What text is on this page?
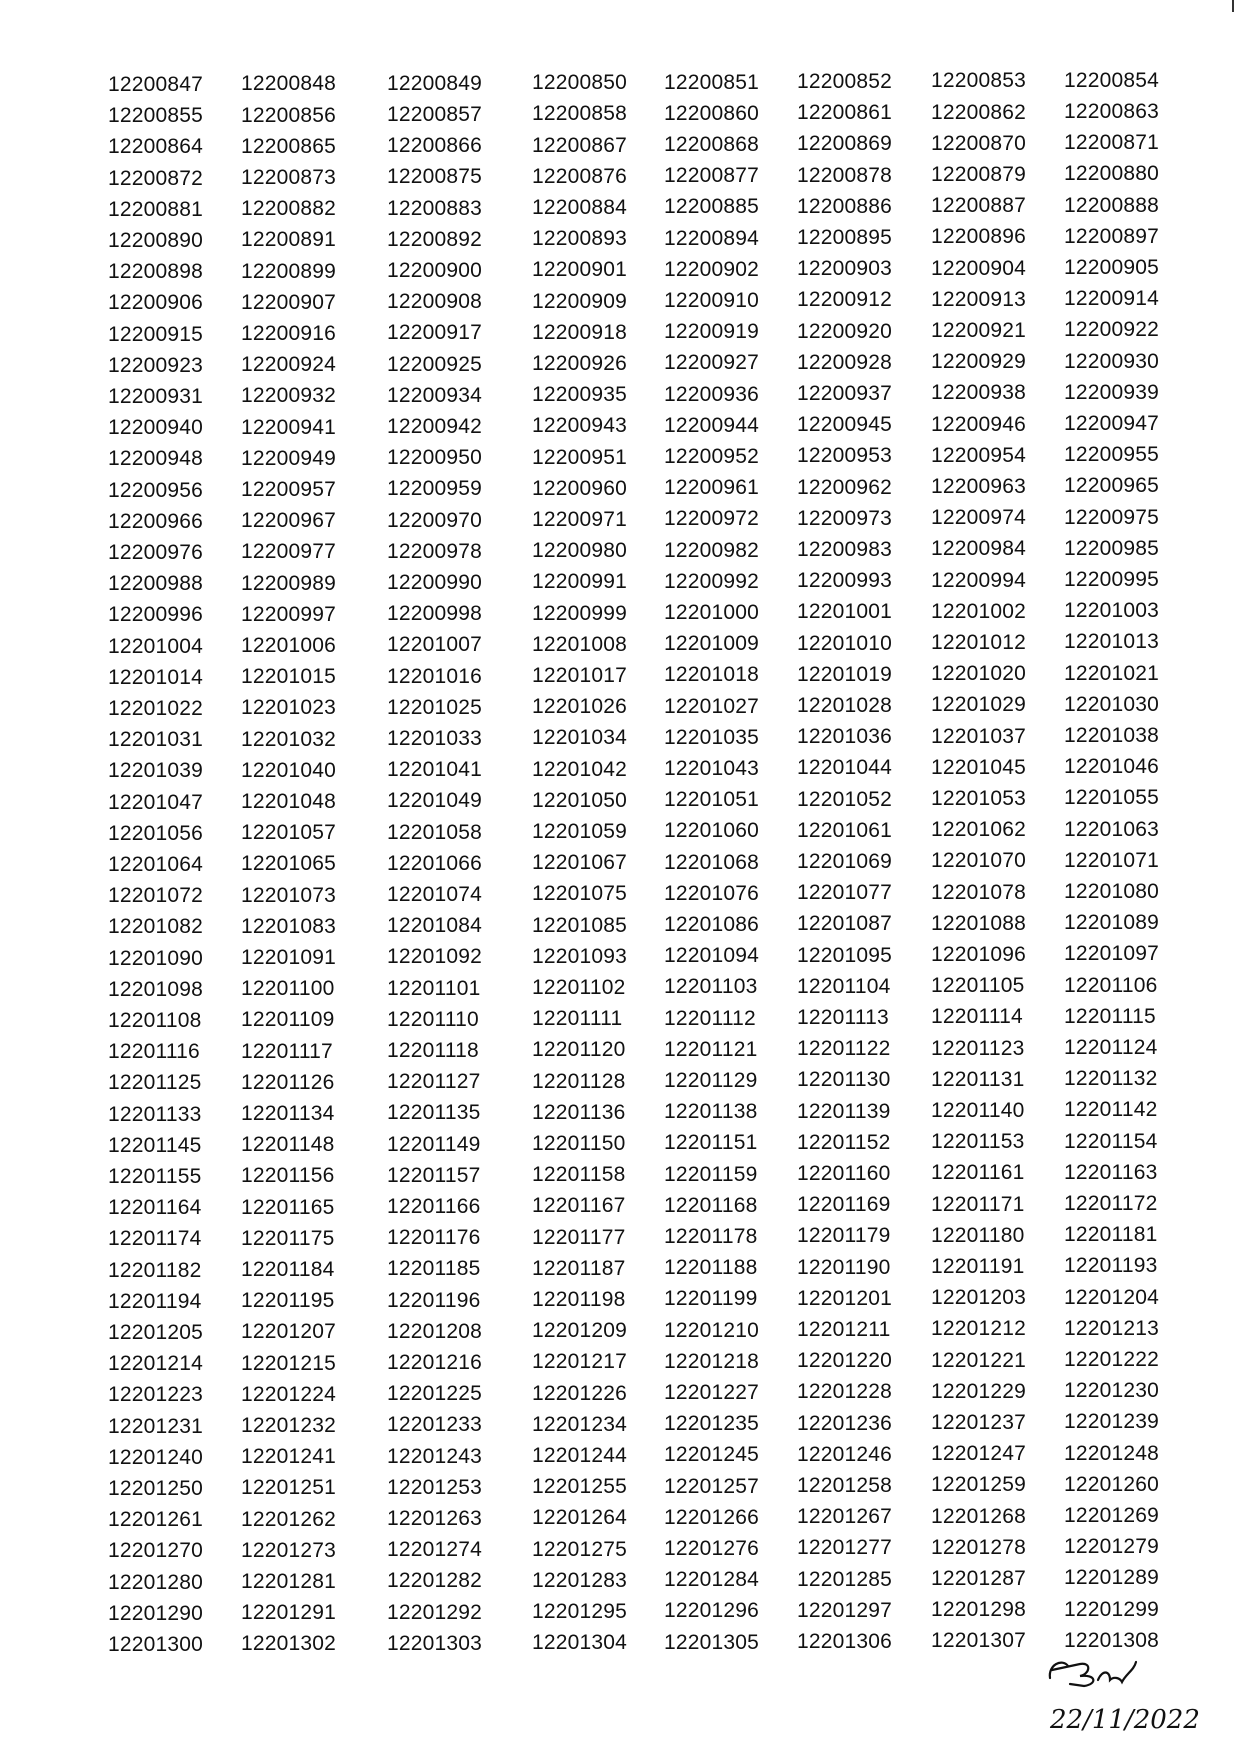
12200847 12200848 12200849 12200850 12200851 12200852 12200853 12200854
12200855 12200856 12200857 12200858 12200860 12200861 12200862 12200863
12200864 12200865 12200866 12200867 12200868 12200869 12200870 12200871
12200872 12200873 12200875 12200876 12200877 12200878 12200879 12200880
12200881 12200882 12200883 12200884 12200885 12200886 12200887 12200888
12200890 12200891 12200892 12200893 12200894 12200895 12200896 12200897
12200898 12200899 12200900 12200901 12200902 12200903 12200904 12200905
12200906 12200907 12200908 12200909 12200910 12200912 12200913 12200914
12200915 12200916 12200917 12200918 12200919 12200920 12200921 12200922
12200923 12200924 12200925 12200926 12200927 12200928 12200929 12200930
12200931 12200932 12200934 12200935 12200936 12200937 12200938 12200939
12200940 12200941 12200942 12200943 12200944 12200945 12200946 12200947
12200948 12200949 12200950 12200951 12200952 12200953 12200954 12200955
12200956 12200957 12200959 12200960 12200961 12200962 12200963 12200965
12200966 12200967 12200970 12200971 12200972 12200973 12200974 12200975
12200976 12200977 12200978 12200980 12200982 12200983 12200984 12200985
12200988 12200989 12200990 12200991 12200992 12200993 12200994 12200995
12200996 12200997 12200998 12200999 12201000 12201001 12201002 12201003
12201004 12201006 12201007 12201008 12201009 12201010 12201012 12201013
12201014 12201015 12201016 12201017 12201018 12201019 12201020 12201021
12201022 12201023 12201025 12201026 12201027 12201028 12201029 12201030
12201031 12201032 12201033 12201034 12201035 12201036 12201037 12201038
12201039 12201040 12201041 12201042 12201043 12201044 12201045 12201046
12201047 12201048 12201049 12201050 12201051 12201052 12201053 12201055
12201056 12201057 12201058 12201059 12201060 12201061 12201062 12201063
12201064 12201065 12201066 12201067 12201068 12201069 12201070 12201071
12201072 12201073 12201074 12201075 12201076 12201077 12201078 12201080
12201082 12201083 12201084 12201085 12201086 12201087 12201088 12201089
12201090 12201091 12201092 12201093 12201094 12201095 12201096 12201097
12201098 12201100	12201101 12201102 12201103 12201104 12201105 12201106
12201108 12201109	12201110	12201111 12201112 12201113 12201114 12201115
12201116 12201117	12201118	12201120 12201121 12201122 12201123 12201124
12201125 12201126	12201127 12201128 12201129 12201130 12201131 12201132
12201133 12201134	12201135 12201136 12201138 12201139 12201140 12201142
12201145 12201148	12201149 12201150 12201151 12201152 12201153 12201154
12201155 12201156	12201157 12201158 12201159 12201160 12201161 12201163
12201164 12201165	12201166 12201167 12201168 12201169 12201171 12201172
12201174 12201175	12201176 12201177 12201178 12201179 12201180 12201181
12201182 12201184	12201185 12201187 12201188 12201190 12201191 12201193
12201194 12201195	12201196 12201198 12201199 12201201 12201203 12201204
12201205 12201207 12201208 12201209 12201210 12201211 12201212 12201213
12201214 12201215 12201216 12201217 12201218 12201220 12201221 12201222
12201223 12201224 12201225 12201226 12201227 12201228 12201229 12201230
12201231 12201232 12201233 12201234 12201235 12201236 12201237 12201239
12201240 12201241 12201243 12201244 12201245 12201246 12201247 12201248
12201250 12201251 12201253 12201255 12201257 12201258 12201259 12201260
12201261 12201262 12201263 12201264 12201266 12201267 12201268 12201269
12201270 12201273 12201274 12201275 12201276 12201277 12201278 12201279
12201280 12201281 12201282 12201283 12201284 12201285 12201287 12201289
12201290 12201291 12201292 12201295 12201296 12201297 12201298 12201299
12201300 12201302 12201303 12201304 12201305 12201306 12201307 12201308
22/11/2022
